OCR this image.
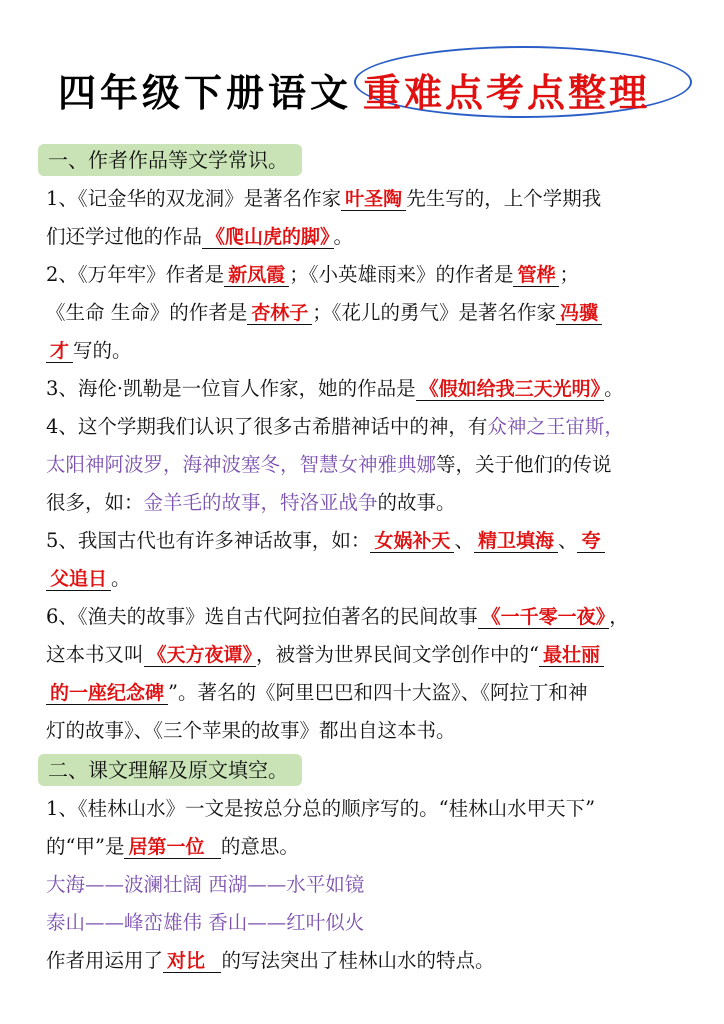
四年级下册语文 重难点考点整理
一、作者作品等文学常识。
1、《记金华的双龙洞》是著名作家 叶圣陶 先生写的，上个学期我
们还学过他的作品 《爬山虎的脚》 。
2、《万年牢》作者是 新凤霞 ；《小英雄雨来》的作者是 管桦 ；
《生命 生命》的作者是 杏林子 ；《花儿的勇气》是著名作家 冯骥
才 写的。
3、海伦·凯勒是一位盲人作家，她的作品是 《假如给我三天光明》 。
4、这个学期我们认识了很多古希腊神话中的神，有众神之王宙斯，
太阳神阿波罗，海神波塞冬，智慧女神雅典娜等，关于他们的传说
很多，如：金羊毛的故事，特洛亚战争的故事。
5、我国古代也有许多神话故事，如： 女娲补天 、 精卫填海 、 夸
父追日 。
6、《渔夫的故事》选自古代阿拉伯著名的民间故事 《一千零一夜》 ，
这本书又叫 《天方夜谭》 ，被誉为世界民间文学创作中的“ 最壮丽
的一座纪念碑 ”。著名的《阿里巴巴和四十大盗》、《阿拉丁和神
灯的故事》、《三个苹果的故事》都出自这本书。
二、课文理解及原文填空。
1、《桂林山水》一文是按总分总的顺序写的。“桂林山水甲天下”
的“甲”是 居第一位 的意思。
大海——波澜壮阔 西湖——水平如镜
泰山——峰峦雄伟 香山——红叶似火
作者用运用了 对比 的写法突出了桂林山水的特点。
